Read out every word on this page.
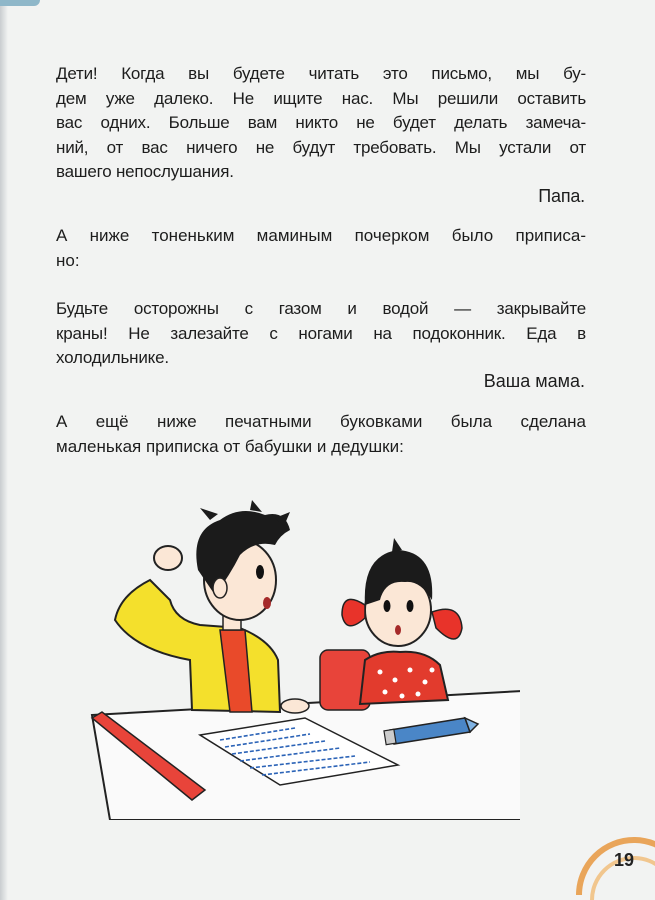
Дети! Когда вы будете читать это письмо, мы бу-
дем уже далеко. Не ищите нас. Мы решили оставить
вас одних. Больше вам никто не будет делать замеча-
ний, от вас ничего не будут требовать. Мы устали от
вашего непослушания.
Папа.
А ниже тоненьким маминым почерком было приписа-
но:
Будьте осторожны с газом и водой — закрывайте
краны! Не залезайте с ногами на подоконник. Еда в
холодильнике.
Ваша мама.
А ещё ниже печатными буковками была сделана
маленькая приписка от бабушки и дедушки:
19
